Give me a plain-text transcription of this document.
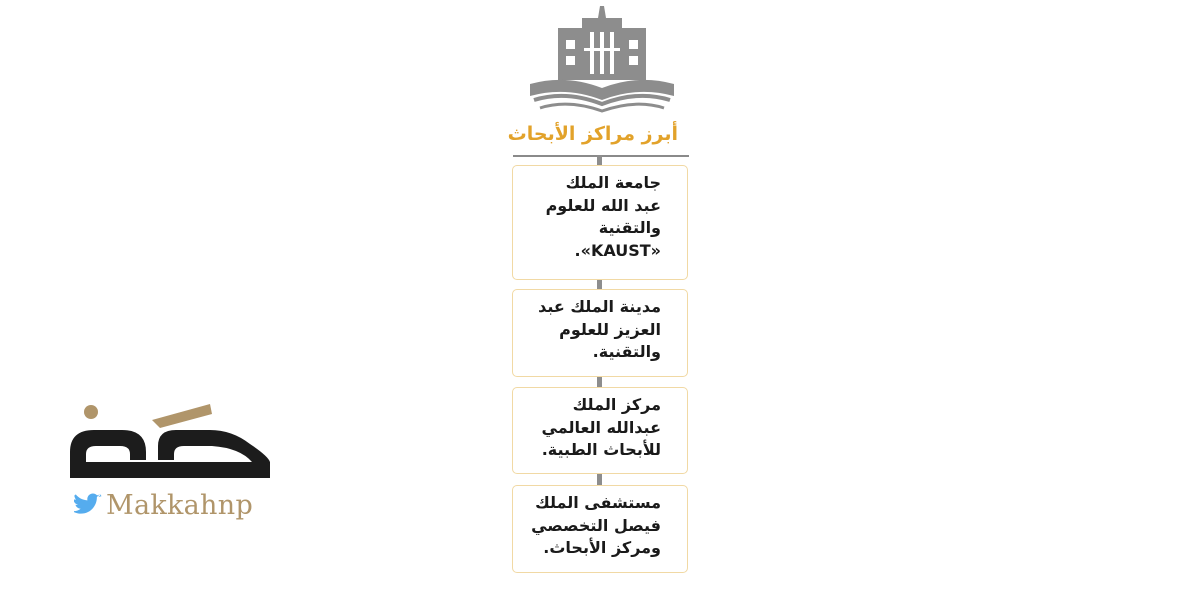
أبرز مراكز الأبحاث
جامعة الملك
عبد الله للعلوم
والتقنية
«KAUST».
مدينة الملك عبد
العزيز للعلوم
والتقنية.
مركز الملك
عبدالله العالمي
للأبحاث الطبية.
مستشفى الملك
فيصل التخصصي
ومركز الأبحاث.
Makkahnp
